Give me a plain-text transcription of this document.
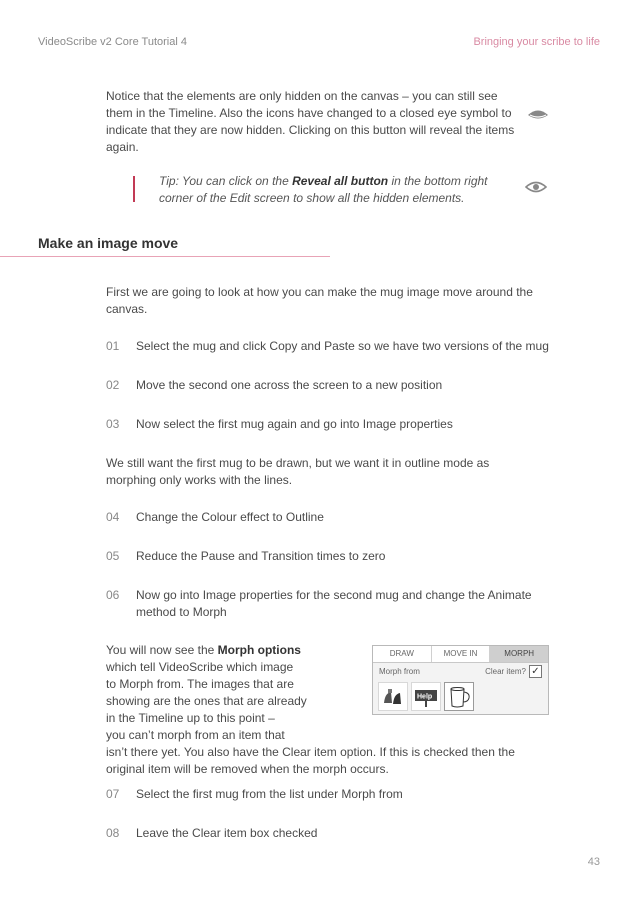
VideoScribe v2 Core Tutorial 4	Bringing your scribe to life
Notice that the elements are only hidden on the canvas – you can still see them in the Timeline. Also the icons have changed to a closed eye symbol to indicate that they are now hidden. Clicking on this button will reveal the items again.
Tip: You can click on the Reveal all button in the bottom right corner of the Edit screen to show all the hidden elements.
Make an image move
First we are going to look at how you can make the mug image move around the canvas.
01	Select the mug and click Copy and Paste so we have two versions of the mug
02	Move the second one across the screen to a new position
03	Now select the first mug again and go into Image properties
We still want the first mug to be drawn, but we want it in outline mode as morphing only works with the lines.
04	Change the Colour effect to Outline
05	Reduce the Pause and Transition times to zero
06	Now go into Image properties for the second mug and change the Animate method to Morph
You will now see the Morph options
which tell VideoScribe which image
to Morph from. The images that are
showing are the ones that are already
in the Timeline up to this point –
you can’t morph from an item that
isn’t there yet. You also have the Clear item option. If this is checked then the original item will be removed when the morph occurs.
DRAW	MOVE IN	MORPH
Morph from	Clear item? ✓
Help
07	Select the first mug from the list under Morph from
08	Leave the Clear item box checked
43
